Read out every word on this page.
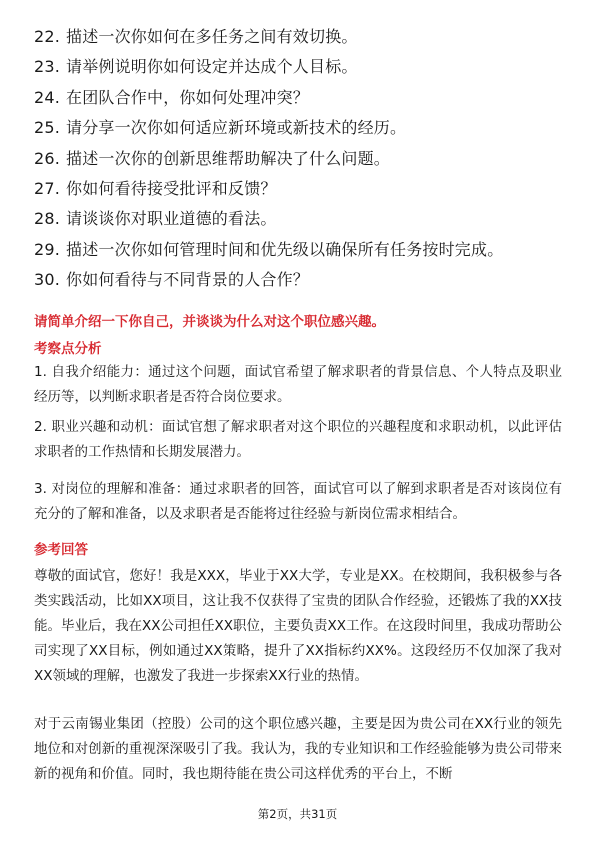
22. 描述一次你如何在多任务之间有效切换。
23. 请举例说明你如何设定并达成个人目标。
24. 在团队合作中，你如何处理冲突？
25. 请分享一次你如何适应新环境或新技术的经历。
26. 描述一次你的创新思维帮助解决了什么问题。
27. 你如何看待接受批评和反馈？
28. 请谈谈你对职业道德的看法。
29. 描述一次你如何管理时间和优先级以确保所有任务按时完成。
30. 你如何看待与不同背景的人合作？
请简单介绍一下你自己，并谈谈为什么对这个职位感兴趣。
考察点分析

1. 自我介绍能力：通过这个问题，面试官希望了解求职者的背景信息、个人特点及职业经历等，以判断求职者是否符合岗位要求。

2. 职业兴趣和动机：面试官想了解求职者对这个职位的兴趣程度和求职动机，以此评估求职者的工作热情和长期发展潜力。

3. 对岗位的理解和准备：通过求职者的回答，面试官可以了解到求职者是否对该岗位有充分的了解和准备，以及求职者是否能将过往经验与新岗位需求相结合。

参考回答

尊敬的面试官，您好！我是XXX，毕业于XX大学，专业是XX。在校期间，我积极参与各类实践活动，比如XX项目，这让我不仅获得了宝贵的团队合作经验，还锻炼了我的XX技能。毕业后，我在XX公司担任XX职位，主要负责XX工作。在这段时间里，我成功帮助公司实现了XX目标，例如通过XX策略，提升了XX指标约XX%。这段经历不仅加深了我对XX领域的理解，也激发了我进一步探索XX行业的热情。

对于云南锡业集团（控股）公司的这个职位感兴趣，主要是因为贵公司在XX行业的领先地位和对创新的重视深深吸引了我。我认为，我的专业知识和工作经验能够为贵公司带来新的视角和价值。同时，我也期待能在贵公司这样优秀的平台上，不断

第2页，共31页
